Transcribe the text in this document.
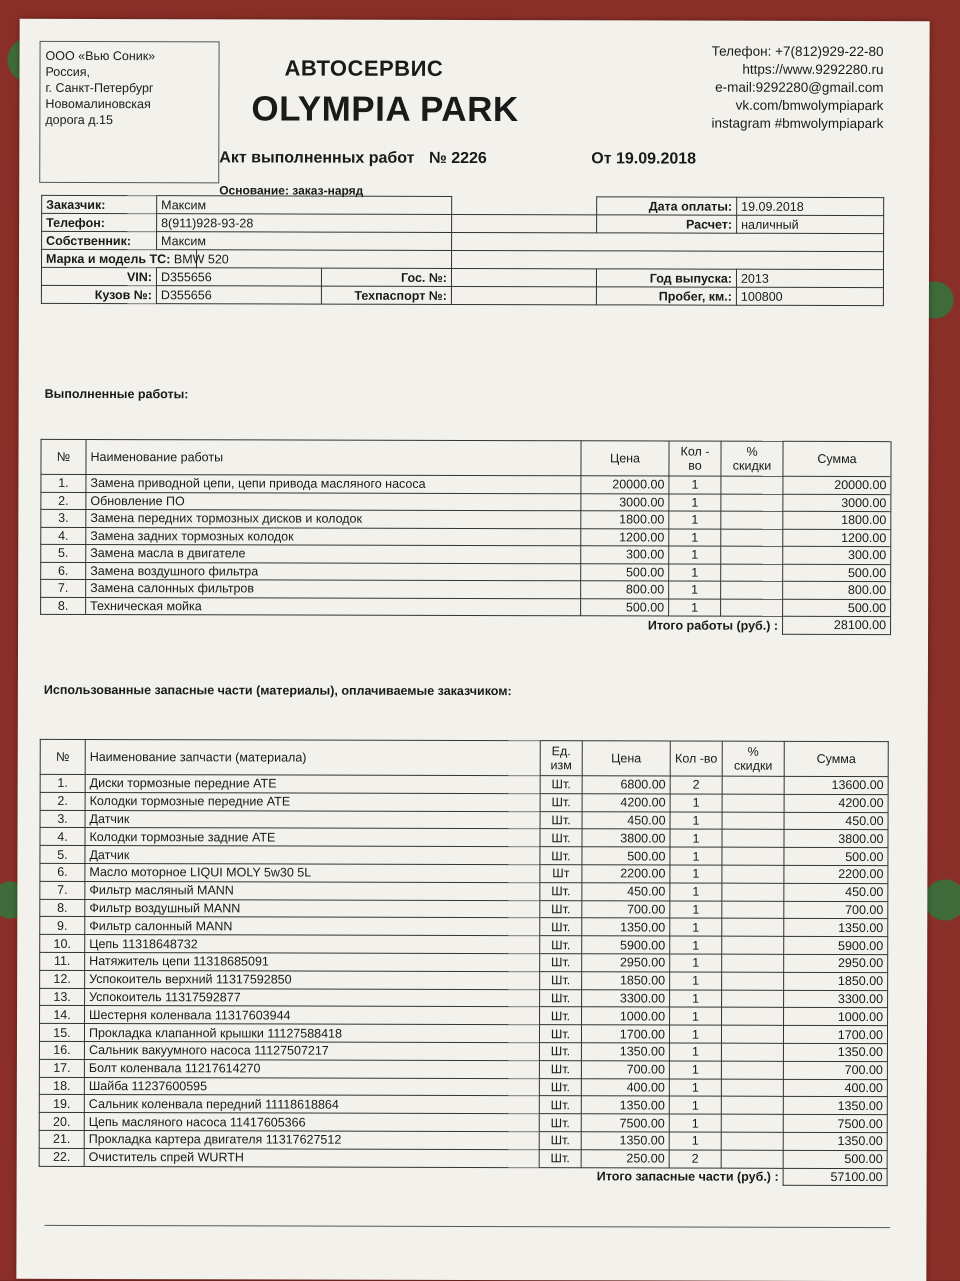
ООО «Вью Соник»
Россия,
г. Санкт-Петербург
Новомалиновская
дорога д.15
АВТОСЕРВИС
OLYMPIA PARK
Телефон: +7(812)929-22-80
https://www.9292280.ru
e-mail:9292280@gmail.com
vk.com/bmwolympiapark
instagram #bmwolympiapark
Акт выполненных работ № 2226	От 19.09.2018
Основание: заказ-наряд
Заказчик:	Максим				Дата оплаты:	19.09.2018
Телефон:	8(911)928-93-28				Расчет:	наличный
Собственник:	Максим					
Марка и модель ТС: BMW 520						
VIN:	D355656		Гос. №:		Год выпуска:	2013
Кузов №:	D355656		Техпаспорт №:		Пробег, км.:	100800
Выполненные работы:
№	Наименование работы	Цена	Кол - во	% скидки	Сумма
1.	Замена приводной цепи, цепи привода масляного насоса	20000.00	1		20000.00
2.	Обновление ПО	3000.00	1		3000.00
3.	Замена передних тормозных дисков и колодок	1800.00	1		1800.00
4.	Замена задних тормозных колодок	1200.00	1		1200.00
5.	Замена масла в двигателе	300.00	1		300.00
6.	Замена воздушного фильтра	500.00	1		500.00
7.	Замена салонных фильтров	800.00	1		800.00
8.	Техническая мойка	500.00	1		500.00
Итого работы (руб.) :					28100.00
№	Наименование запчасти (материала)	Ед. изм	Цена	Кол -во	% скидки	Сумма
1.	Диски тормозные передние ATE	Шт.	6800.00	2		13600.00
2.	Колодки тормозные передние ATE	Шт.	4200.00	1		4200.00
3.	Датчик	Шт.	450.00	1		450.00
4.	Колодки тормозные задние ATE	Шт.	3800.00	1		3800.00
5.	Датчик	Шт.	500.00	1		500.00
6.	Масло моторное LIQUI MOLY 5w30 5L	Шт	2200.00	1		2200.00
7.	Фильтр масляный MANN	Шт.	450.00	1		450.00
8.	Фильтр воздушный MANN	Шт.	700.00	1		700.00
9.	Фильтр салонный MANN	Шт.	1350.00	1		1350.00
10.	Цепь 11318648732	Шт.	5900.00	1		5900.00
11.	Натяжитель цепи 11318685091	Шт.	2950.00	1		2950.00
12.	Успокоитель верхний 11317592850	Шт.	1850.00	1		1850.00
13.	Успокоитель 11317592877	Шт.	3300.00	1		3300.00
14.	Шестерня коленвала 11317603944	Шт.	1000.00	1		1000.00
15.	Прокладка клапанной крышки 11127588418	Шт.	1700.00	1		1700.00
16.	Сальник вакуумного насоса 11127507217	Шт.	1350.00	1		1350.00
17.	Болт коленвала 11217614270	Шт.	700.00	1		700.00
18.	Шайба 11237600595	Шт.	400.00	1		400.00
19.	Сальник коленвала передний 11118618864	Шт.	1350.00	1		1350.00
20.	Цепь масляного насоса 11417605366	Шт.	7500.00	1		7500.00
21.	Прокладка картера двигателя 11317627512	Шт.	1350.00	1		1350.00
22.	Очиститель спрей WURTH	Шт.	250.00	2		500.00
Итого запасные части (руб.) :						57100.00
Использованные запасные части (материалы), оплачиваемые заказчиком:
